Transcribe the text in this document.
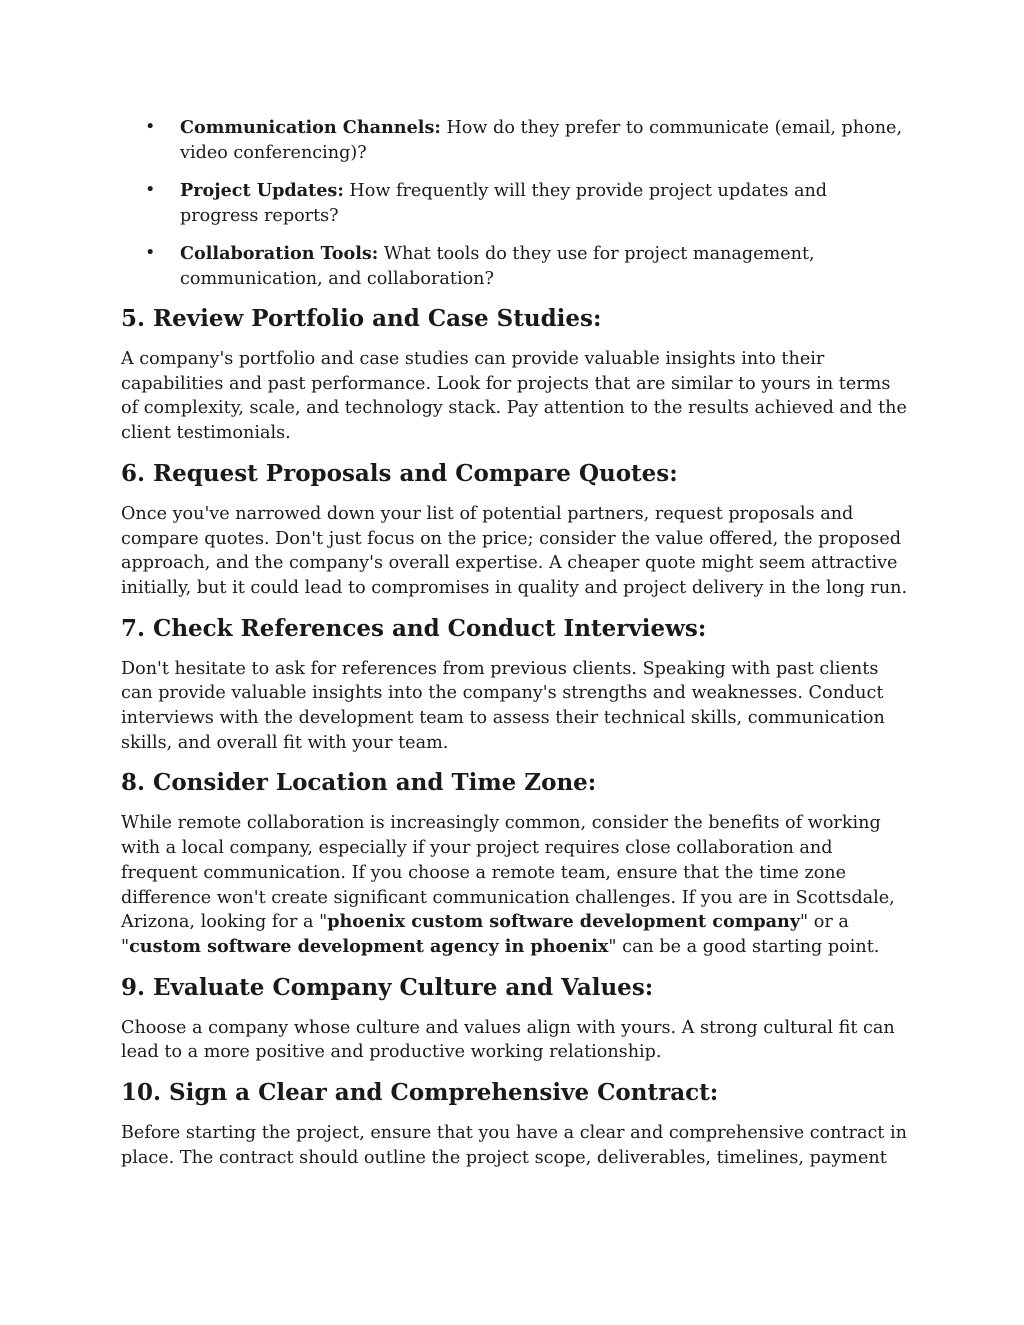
• Communication Channels: How do they prefer to communicate (email, phone, video conferencing)?
• Project Updates: How frequently will they provide project updates and progress reports?
• Collaboration Tools: What tools do they use for project management, communication, and collaboration?
5. Review Portfolio and Case Studies:

A company's portfolio and case studies can provide valuable insights into their capabilities and past performance. Look for projects that are similar to yours in terms of complexity, scale, and technology stack. Pay attention to the results achieved and the client testimonials.

6. Request Proposals and Compare Quotes:

Once you've narrowed down your list of potential partners, request proposals and compare quotes. Don't just focus on the price; consider the value offered, the proposed approach, and the company's overall expertise. A cheaper quote might seem attractive initially, but it could lead to compromises in quality and project delivery in the long run.

7. Check References and Conduct Interviews:

Don't hesitate to ask for references from previous clients. Speaking with past clients can provide valuable insights into the company's strengths and weaknesses. Conduct interviews with the development team to assess their technical skills, communication skills, and overall fit with your team.

8. Consider Location and Time Zone:

While remote collaboration is increasingly common, consider the benefits of working with a local company, especially if your project requires close collaboration and frequent communication. If you choose a remote team, ensure that the time zone difference won't create significant communication challenges. If you are in Scottsdale, Arizona, looking for a "phoenix custom software development company" or a "custom software development agency in phoenix" can be a good starting point.

9. Evaluate Company Culture and Values:

Choose a company whose culture and values align with yours. A strong cultural fit can lead to a more positive and productive working relationship.

10. Sign a Clear and Comprehensive Contract:

Before starting the project, ensure that you have a clear and comprehensive contract in place. The contract should outline the project scope, deliverables, timelines, payment
